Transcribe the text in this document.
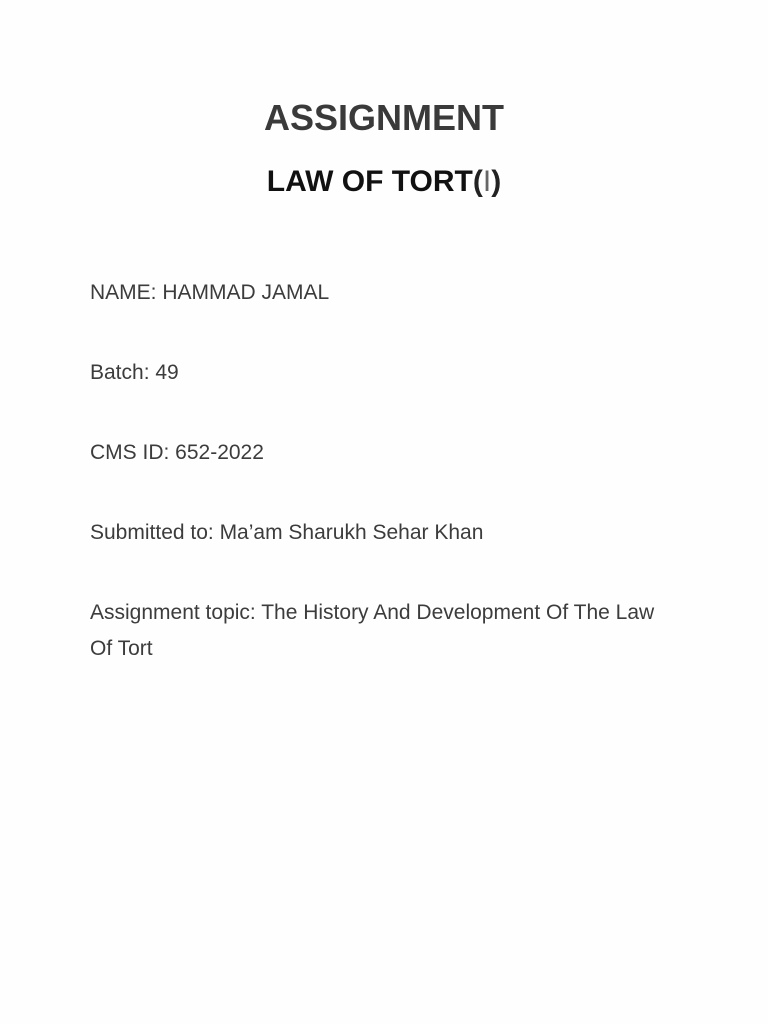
ASSIGNMENT
LAW OF TORT(I)

NAME: HAMMAD JAMAL

Batch: 49

CMS ID: 652-2022

Submitted to: Ma’am Sharukh Sehar Khan

Assignment topic: The History And Development Of The Law Of Tort
